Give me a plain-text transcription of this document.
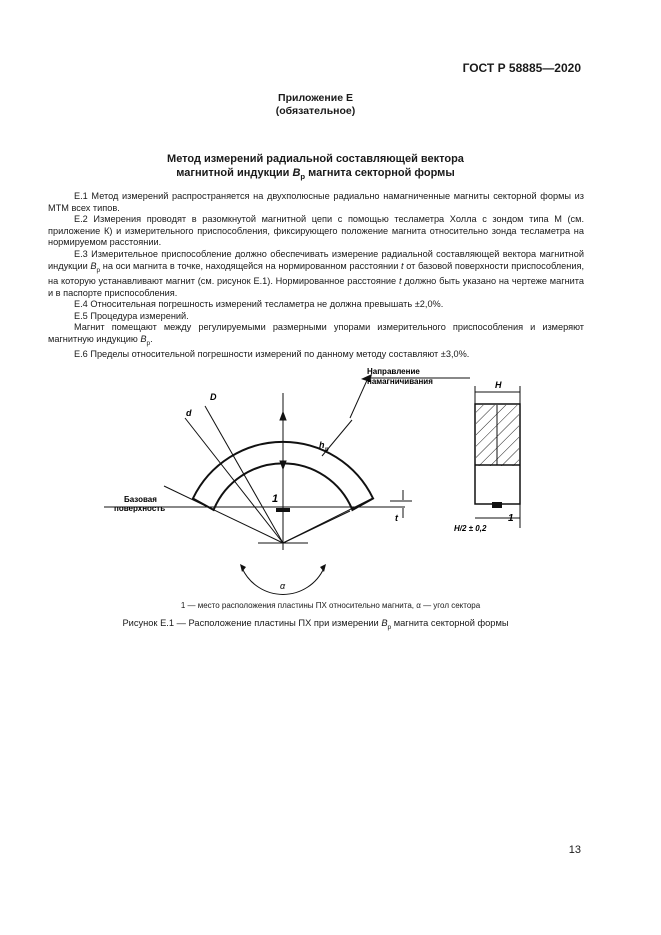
ГОСТ Р 58885—2020
Приложение Е
(обязательное)
Метод измерений радиальной составляющей вектора
магнитной индукции $B_р$ магнита секторной формы

Е.1 Метод измерений распространяется на двухполюсные радиально намагниченные магниты секторной формы из МТМ всех типов.

Е.2 Измерения проводят в разомкнутой магнитной цепи с помощью тесламетра Холла с зондом типа М (см. приложение К) и измерительного приспособления, фиксирующего положение магнита относительно зонда тесламетра на нормируемом расстоянии.

Е.3 Измерительное приспособление должно обеспечивать измерение радиальной составляющей вектора магнитной индукции $B_р$ на оси магнита в точке, находящейся на нормированном расстоянии t от базовой поверхности приспособления, на которую устанавливают магнит (см. рисунок Е.1). Нормированное расстояние t должно быть указано на чертеже магнита и в паспорте приспособления.

Е.4 Относительная погрешность измерений тесламетра не должна превышать ±2,0%.

Е.5 Процедура измерений.

Магнит помещают между регулируемыми размерными упорами измерительного приспособления и измеряют магнитную индукцию $B_р$.

Е.6 Пределы относительной погрешности измерений по данному методу составляют ±3,0%.

Направление
намагничивания
Базовая
поверхность
D
d
h р
1
t
α
H
H/2 ± 0,2
1
1 — место расположения пластины ПХ относительно магнита, α — угол сектора
Рисунок Е.1 — Расположение пластины ПХ при измерении $B_р$ магнита секторной формы
13
